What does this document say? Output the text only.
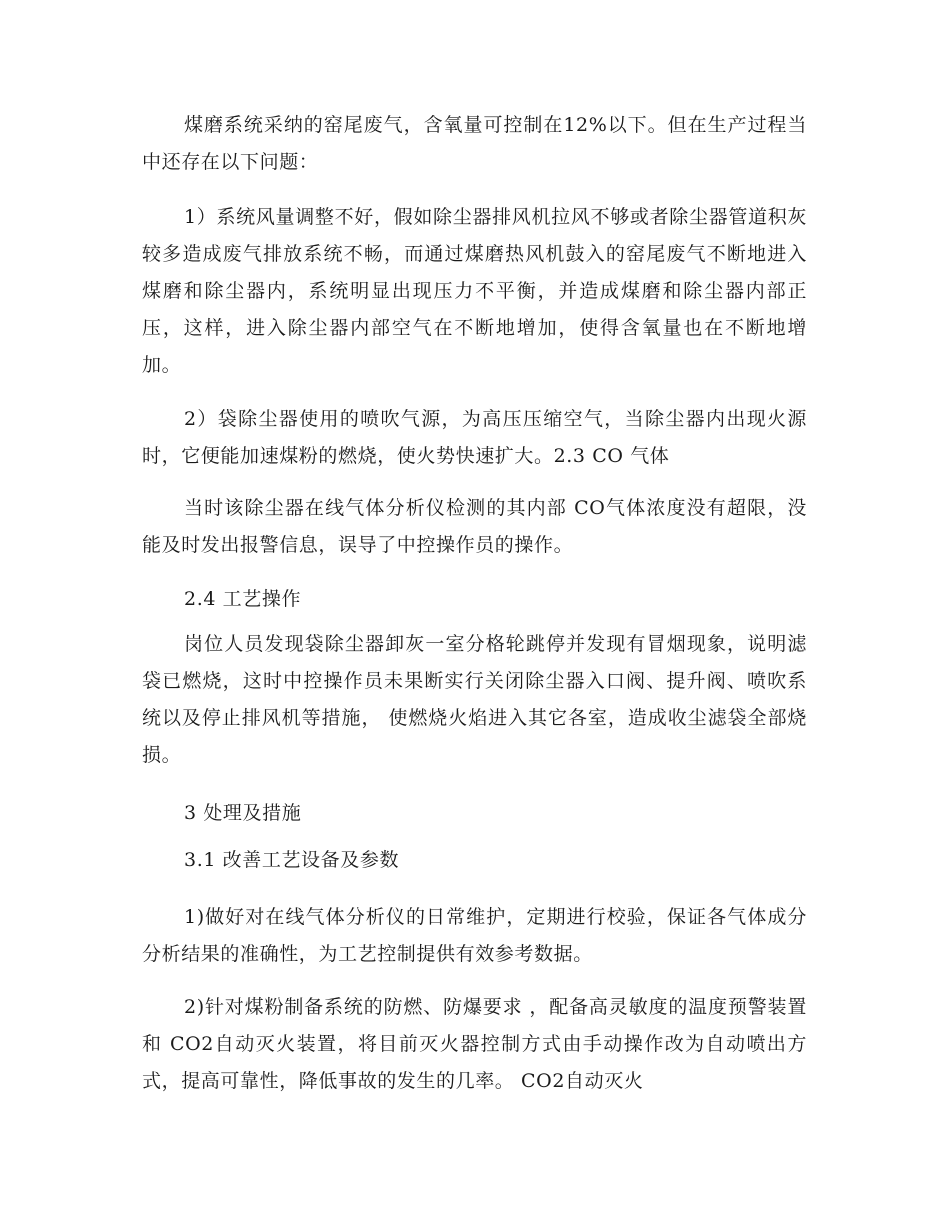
煤磨系统采纳的窑尾废气，含氧量可控制在12%以下。但在生产过程当中还存在以下问题：

1）系统风量调整不好，假如除尘器排风机拉风不够或者除尘器管道积灰较多造成废气排放系统不畅，而通过煤磨热风机鼓入的窑尾废气不断地进入煤磨和除尘器内，系统明显出现压力不平衡，并造成煤磨和除尘器内部正压，这样，进入除尘器内部空气在不断地增加，使得含氧量也在不断地增加。

2）袋除尘器使用的喷吹气源，为高压压缩空气，当除尘器内出现火源时，它便能加速煤粉的燃烧，使火势快速扩大。2.3 CO 气体

当时该除尘器在线气体分析仪检测的其内部 CO气体浓度没有超限，没能及时发出报警信息，误导了中控操作员的操作。

2.4 工艺操作

岗位人员发现袋除尘器卸灰一室分格轮跳停并发现有冒烟现象，说明滤袋已燃烧，这时中控操作员未果断实行关闭除尘器入口阀、提升阀、喷吹系统以及停止排风机等措施， 使燃烧火焰进入其它各室，造成收尘滤袋全部烧损。

3 处理及措施

3.1 改善工艺设备及参数

1)做好对在线气体分析仪的日常维护，定期进行校验，保证各气体成分分析结果的准确性，为工艺控制提供有效参考数据。

2)针对煤粉制备系统的防燃、防爆要求 ，配备高灵敏度的温度预警装置和 CO2自动灭火装置，将目前灭火器控制方式由手动操作改为自动喷出方式，提高可靠性，降低事故的发生的几率。 CO2自动灭火
